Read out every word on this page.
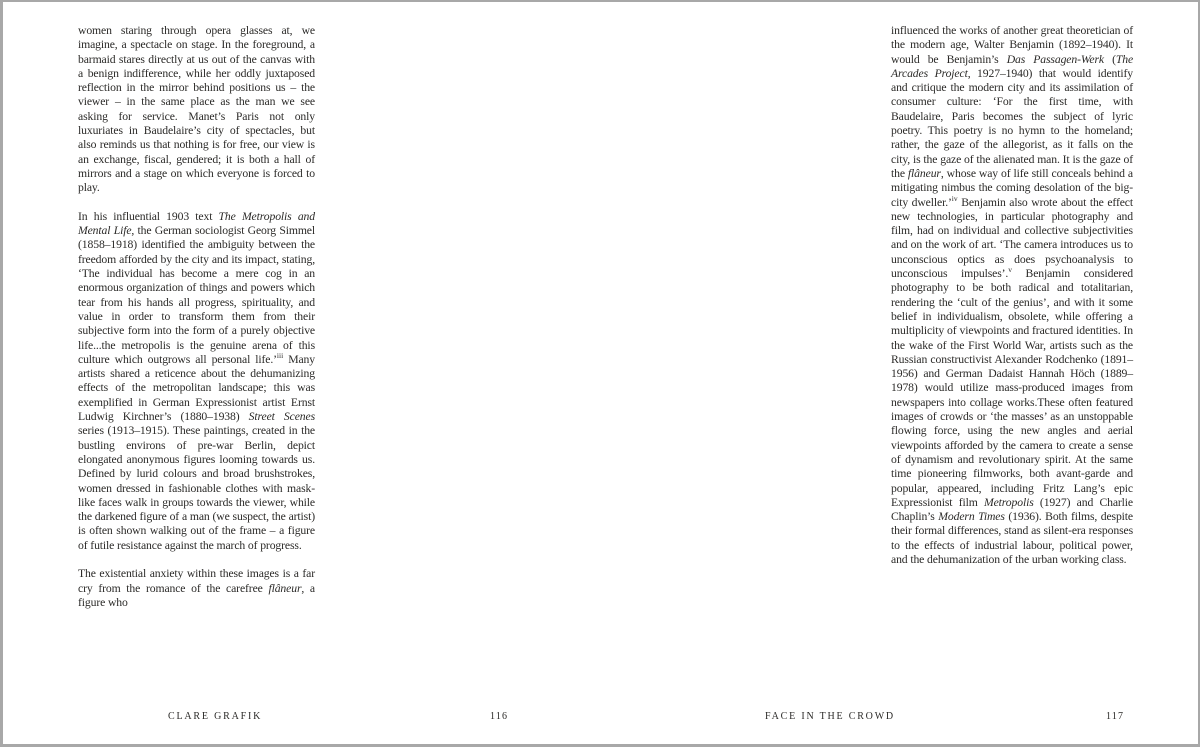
women staring through opera glasses at, we imagine, a spectacle on stage. In the foreground, a barmaid stares directly at us out of the canvas with a benign indifference, while her oddly juxtaposed reflection in the mirror behind positions us – the viewer – in the same place as the man we see asking for service. Manet’s Paris not only luxuriates in Baudelaire’s city of spectacles, but also reminds us that nothing is for free, our view is an exchange, fiscal, gendered; it is both a hall of mirrors and a stage on which everyone is forced to play.

In his influential 1903 text The Metropolis and Mental Life, the German sociologist Georg Simmel (1858–1918) identified the ambiguity between the freedom afforded by the city and its impact, stating, ‘The individual has become a mere cog in an enormous organization of things and powers which tear from his hands all progress, spirituality, and value in order to transform them from their subjective form into the form of a purely objective life...the metropolis is the genuine arena of this culture which outgrows all personal life.’$^{iii}$ Many artists shared a reticence about the dehumanizing effects of the metropolitan landscape; this was exemplified in German Expressionist artist Ernst Ludwig Kirchner’s (1880–1938) Street Scenes series (1913–1915). These paintings, created in the bustling environs of pre-war Berlin, depict elongated anonymous figures looming towards us. Defined by lurid colours and broad brushstrokes, women dressed in fashionable clothes with mask-like faces walk in groups towards the viewer, while the darkened figure of a man (we suspect, the artist) is often shown walking out of the frame – a figure of futile resistance against the march of progress.

The existential anxiety within these images is a far cry from the romance of the carefree flâneur, a figure who

CLARE GRAFIK	116

influenced the works of another great theoretician of the modern age, Walter Benjamin (1892–1940). It would be Benjamin’s Das Passagen-Werk (The Arcades Project, 1927–1940) that would identify and critique the modern city and its assimilation of consumer culture: ‘For the first time, with Baudelaire, Paris becomes the subject of lyric poetry. This poetry is no hymn to the homeland; rather, the gaze of the allegorist, as it falls on the city, is the gaze of the alienated man. It is the gaze of the flâneur, whose way of life still conceals behind a mitigating nimbus the coming desolation of the big-city dweller.’$^{iv}$ Benjamin also wrote about the effect new technologies, in particular photography and film, had on individual and collective subjectivities and on the work of art. ‘The camera introduces us to unconscious optics as does psychoanalysis to unconscious impulses’.$^v$ Benjamin considered photography to be both radical and totalitarian, rendering the ‘cult of the genius’, and with it some belief in individualism, obsolete, while offering a multiplicity of viewpoints and fractured identities. In the wake of the First World War, artists such as the Russian constructivist Alexander Rodchenko (1891–1956) and German Dadaist Hannah Höch (1889–1978) would utilize mass-produced images from newspapers into collage works.These often featured images of crowds or ‘the masses’ as an unstoppable flowing force, using the new angles and aerial viewpoints afforded by the camera to create a sense of dynamism and revolutionary spirit. At the same time pioneering filmworks, both avant-garde and popular, appeared, including Fritz Lang’s epic Expressionist film Metropolis (1927) and Charlie Chaplin’s Modern Times (1936). Both films, despite their formal differences, stand as silent-era responses to the effects of industrial labour, political power, and the dehumanization of the urban working class.

FACE IN THE CROWD	117
